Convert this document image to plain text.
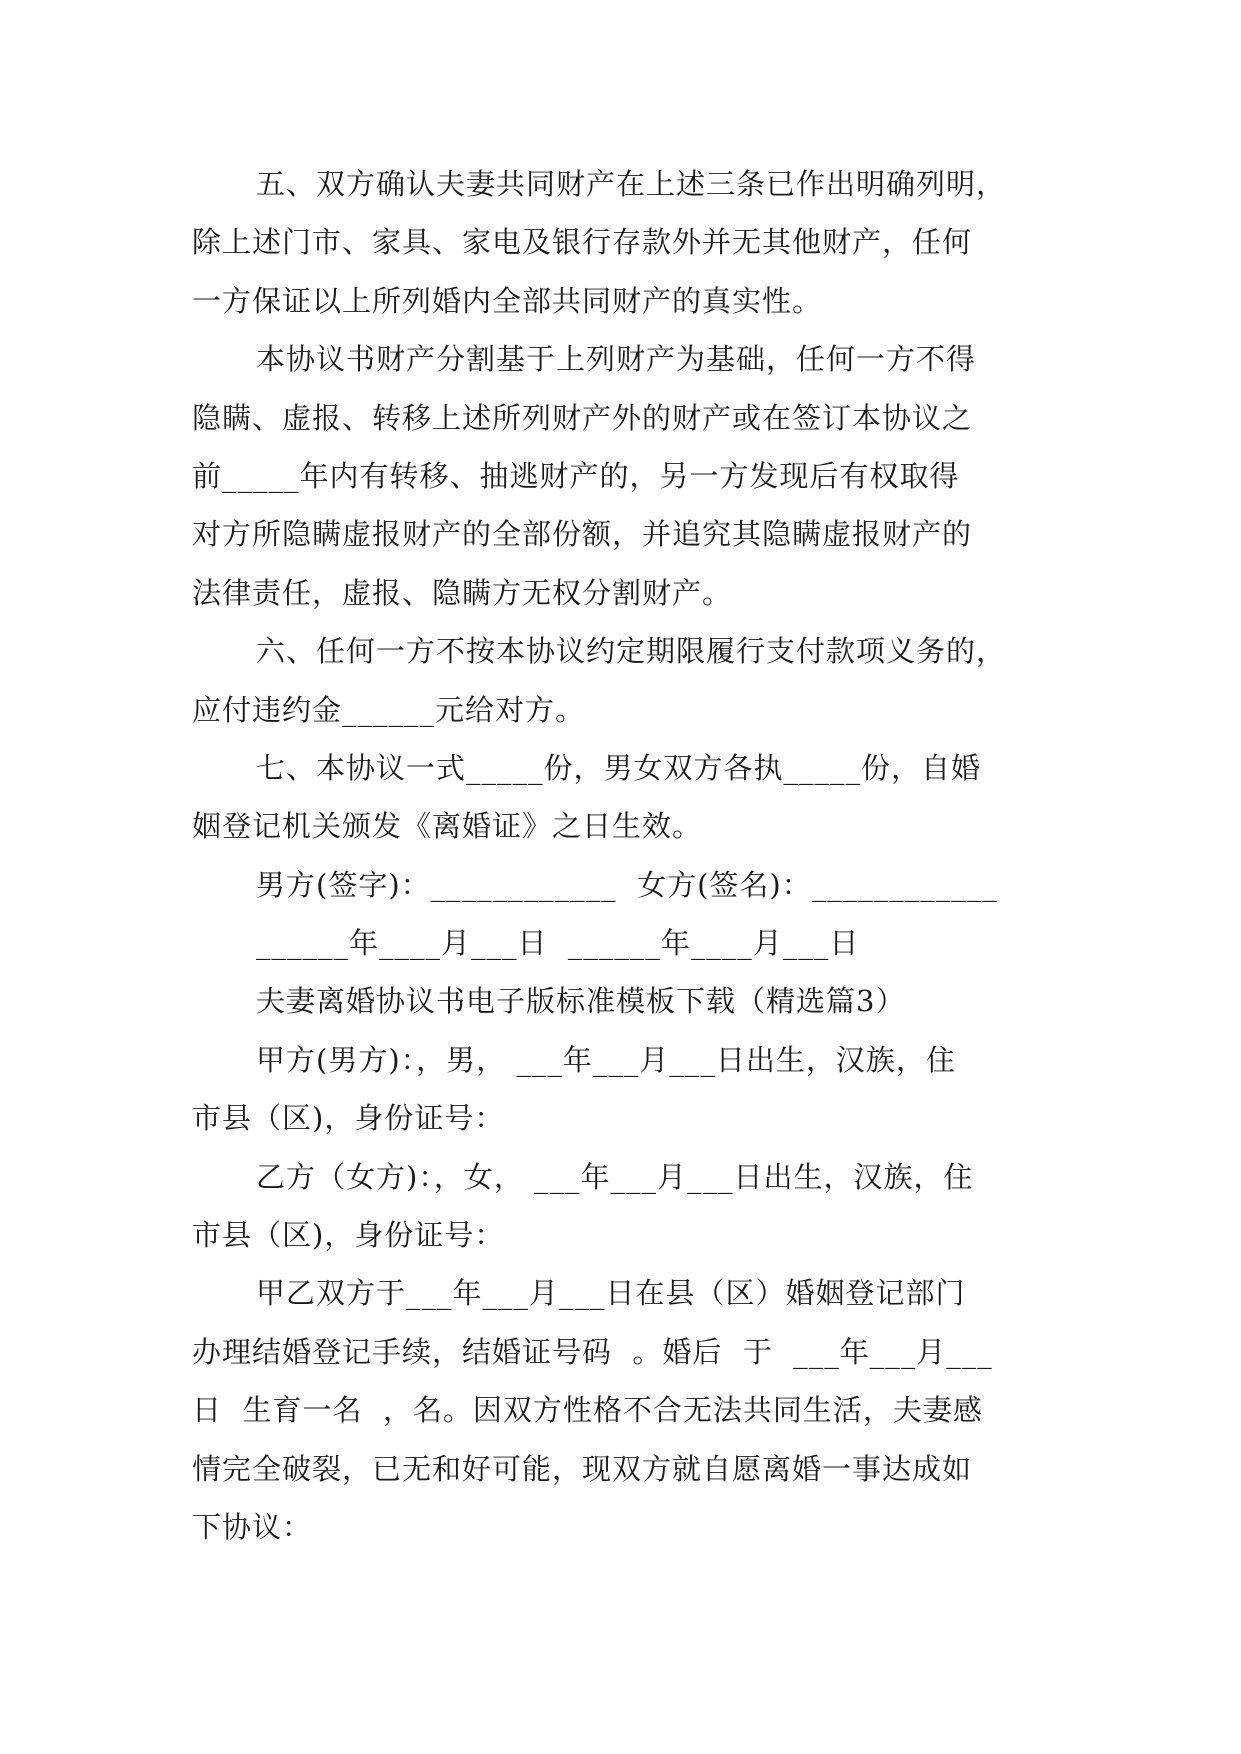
五、双方确认夫妻共同财产在上述三条已作出明确列明，
除上述门市、家具、家电及银行存款外并无其他财产，任何
一方保证以上所列婚内全部共同财产的真实性。
本协议书财产分割基于上列财产为基础，任何一方不得
隐瞒、虚报、转移上述所列财产外的财产或在签订本协议之
前_____年内有转移、抽逃财产的，另一方发现后有权取得
对方所隐瞒虚报财产的全部份额，并追究其隐瞒虚报财产的
法律责任，虚报、隐瞒方无权分割财产。
六、任何一方不按本协议约定期限履行支付款项义务的，
应付违约金______元给对方。
七、本协议一式_____份，男女双方各执_____份，自婚
姻登记机关颁发《离婚证》之日生效。
男方(签字)：____________  女方(签名)：____________
______年____月___日  ______年____月___日
夫妻离婚协议书电子版标准模板下载（精选篇3）
甲方(男方)：，男， ___年___月___日出生，汉族，住
市县（区)，身份证号：
乙方（女方)：，女， ___年___月___日出生，汉族，住
市县（区)，身份证号：
甲乙双方于___年___月___日在县（区）婚姻登记部门
办理结婚登记手续，结婚证号码  。婚后  于  ___年___月___
日  生育一名  ，名。因双方性格不合无法共同生活，夫妻感
情完全破裂，已无和好可能，现双方就自愿离婚一事达成如
下协议：
